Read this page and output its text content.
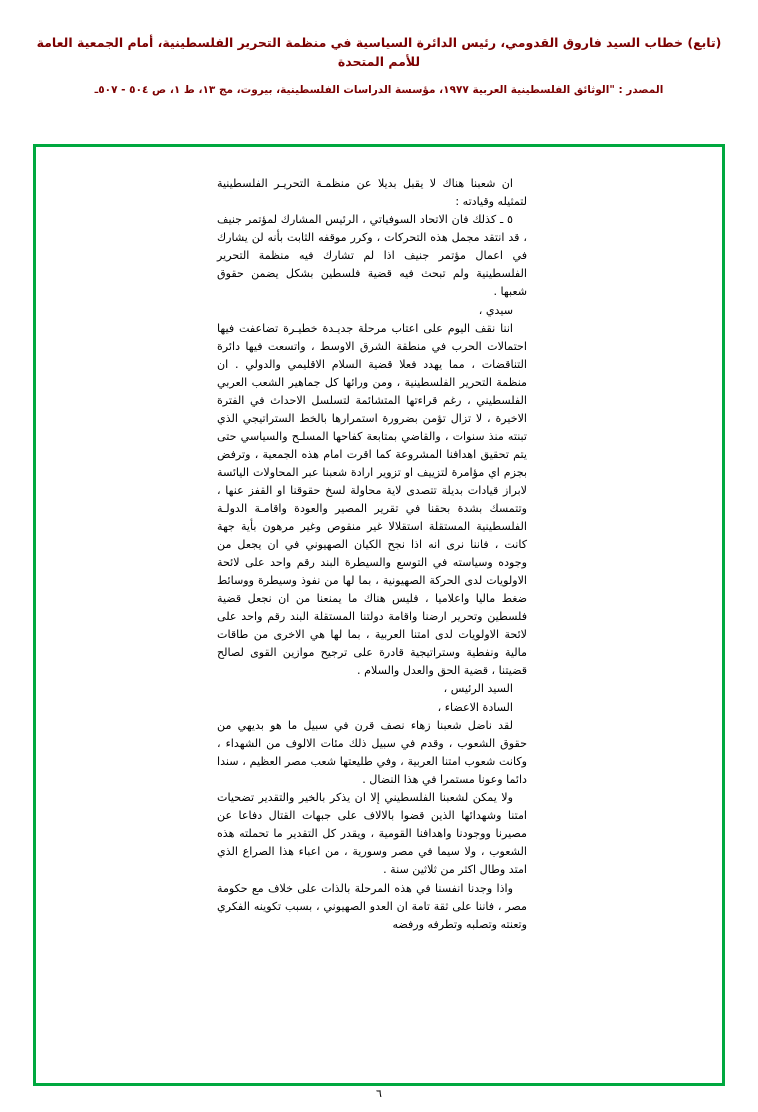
(تابع) خطاب السيد فاروق القدومي، رئيس الدائرة السياسية في منظمة التحرير الفلسطينية، أمام الجمعية العامة للأمم المتحدة
المصدر : "الوثائق الفلسطينية العربية ١٩٧٧، مؤسسة الدراسات الفلسطينية، بيروت، مج ١٣، ط ١، ص ٥٠٤ - ٥٠٧ـ

ان شعبنا هناك لا يقبل بديلا عن منظمـة التحريـر الفلسطينية لتمثيله وقيادته :

٥ ـ كذلك فان الاتحاد السوفياتي ، الرئيس المشارك لمؤتمر جنيف ، قد انتقد مجمل هذه التحركات ، وكرر موقفه الثابت بأنه لن يشارك في اعمال مؤتمر جنيف اذا لم تشارك فيه منظمة التحرير الفلسطينية ولم تبحث فيه قضية فلسطين بشكل يضمن حقوق شعبها .

سيدي ،

اننا نقف اليوم على اعتاب مرحلة جديـدة خطيـرة تضاعفت فيها احتمالات الحرب في منطقة الشرق الاوسط ، واتسعت فيها دائرة التناقضات ، مما يهدد فعلا قضية السلام الاقليمي والدولي . ان منظمة التحرير الفلسطينية ، ومن ورائها كل جماهير الشعب العربي الفلسطيني ، رغم قراءتها المتشائمة لتسلسل الاحداث في الفترة الاخيرة ، لا تزال تؤمن بضرورة استمرارها بالخط الستراتيجي الذي تبنته منذ سنوات ، والقاضي بمتابعة كفاحها المسلـح والسياسي حتى يتم تحقيق اهدافنا المشروعة كما اقرت امام هذه الجمعية ، وترفض بجزم اي مؤامرة لتزييف او تزوير ارادة شعبنا عبر المحاولات اليائسة لابراز قيادات بديلة تتصدى لاية محاولة لسخ حقوقنا او القفز عنها ، وتتمسك بشدة بحقنا في تقرير المصير والعودة واقامـة الدولـة الفلسطينية المستقلة استقلالا غير منقوص وغير مرهون بأية جهة كانت ، فاننا نرى انه اذا نجح الكيان الصهيوني في ان يجعل من وجوده وسياسته في التوسع والسيطرة البند رقم واحد على لائحة الاولويات لدى الحركة الصهيونية ، بما لها من نفوذ وسيطرة ووسائط ضغط ماليا واعلاميا ، فليس هناك ما يمنعنا من ان نجعل قضية فلسطين وتحرير ارضنا واقامة دولتنا المستقلة البند رقم واحد على لائحة الاولويات لدى امتنا العربية ، بما لها هي الاخرى من طاقات مالية ونفطية وستراتيجية قادرة على ترجيح موازين القوى لصالح قضيتنا ، قضية الحق والعدل والسلام .

السيد الرئيس ،

السادة الاعضاء ،

لقد ناضل شعبنا زهاء نصف قرن في سبيل ما هو بديهي من حقوق الشعوب ، وقدم في سبيل ذلك مئات الالوف من الشهداء ، وكانت شعوب امتنا العربية ، وفي طليعتها شعب مصر العظيم ، سندا دائما وعونا مستمرا في هذا النضال .

ولا يمكن لشعبنا الفلسطيني إلا ان يذكر بالخير والتقدير تضحيات امتنا وشهدائها الذين قضوا بالالاف على جبهات القتال دفاعا عن مصيرنا ووجودنا واهدافنا القومية ، ويقدر كل التقدير ما تحملته هذه الشعوب ، ولا سيما في مصر وسورية ، من اعباء هذا الصراع الذي امتد وطال اكثر من ثلاثين سنة .

واذا وجدنا انفسنا في هذه المرحلة بالذات على خلاف مع حكومة مصر ، فاننا على ثقة تامة ان العدو الصهيوني ، بسبب تكوينه الفكري وتعنته وتصلبه وتطرفه ورفضه

٦
